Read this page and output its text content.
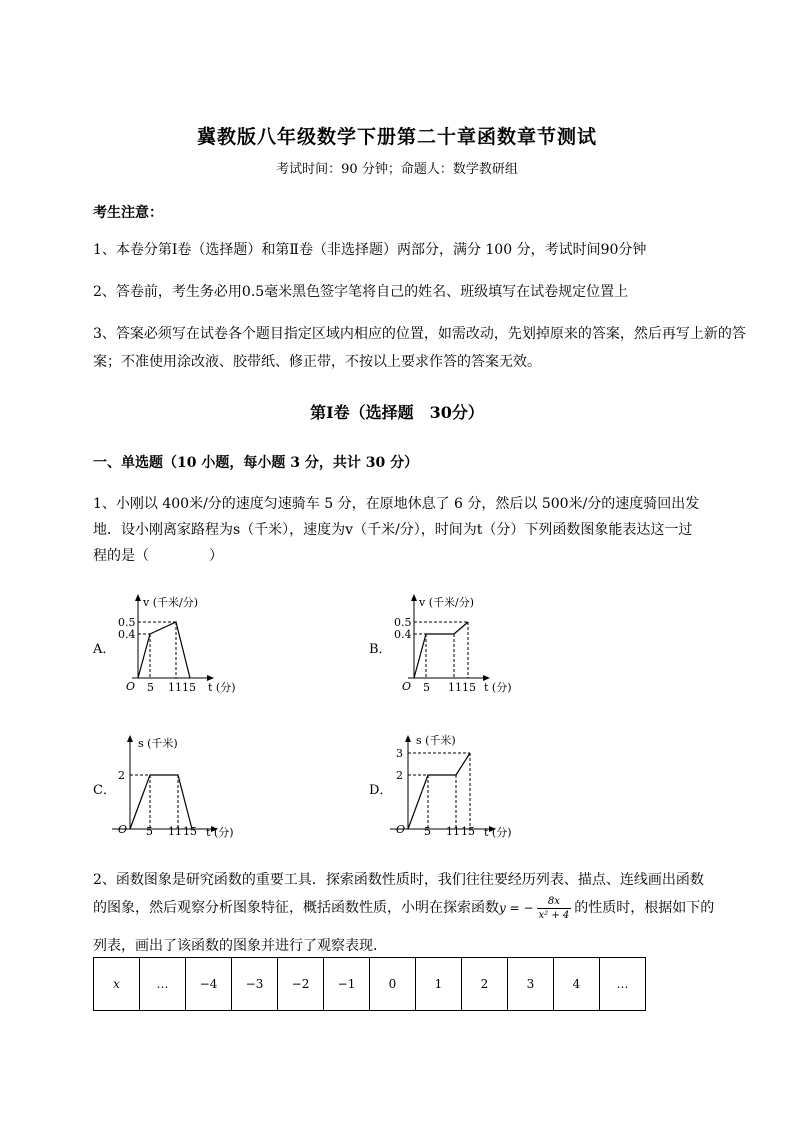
冀教版八年级数学下册第二十章函数章节测试
考试时间：90 分钟；命题人：数学教研组
考生注意：
1、本卷分第Ⅰ卷（选择题）和第Ⅱ卷（非选择题）两部分，满分 100 分，考试时间90分钟
2、答卷前，考生务必用0.5毫米黑色签字笔将自己的姓名、班级填写在试卷规定位置上
3、答案必须写在试卷各个题目指定区域内相应的位置，如需改动，先划掉原来的答案，然后再写上新的答案；不准使用涂改液、胶带纸、修正带，不按以上要求作答的答案无效。
第Ⅰ卷（选择题　30分）
一、单选题（10 小题，每小题 3 分，共计 30 分）
1、小刚以 400米/分的速度匀速骑车 5 分，在原地休息了 6 分，然后以 500米/分的速度骑回出发
地．设小刚离家路程为s（千米），速度为v（千米/分），时间为t（分）下列函数图象能表达这一过
程的是（	）
A．
v (千米/分)
0.5
0.4
O 5 11 15 t (分)
B．
v (千米/分)
0.5
0.4
O 5 11 15 t (分)
C．
s (千米)
2
O 5 11 15 t (分)
D．
s (千米)
3
2
O 5 11 15 t (分)
2、函数图象是研究函数的重要工具．探索函数性质时，我们往往要经历列表、描点、连线画出函数
的图象，然后观察分析图象特征，概括函数性质，小明在探索函数y = − $\frac{8x}{\text{x² + 4}}$ 的性质时，根据如下的
列表，画出了该函数的图象并进行了观察表现．
x	…	−4	−3	−2	−1	0	1	2	3	4	…
